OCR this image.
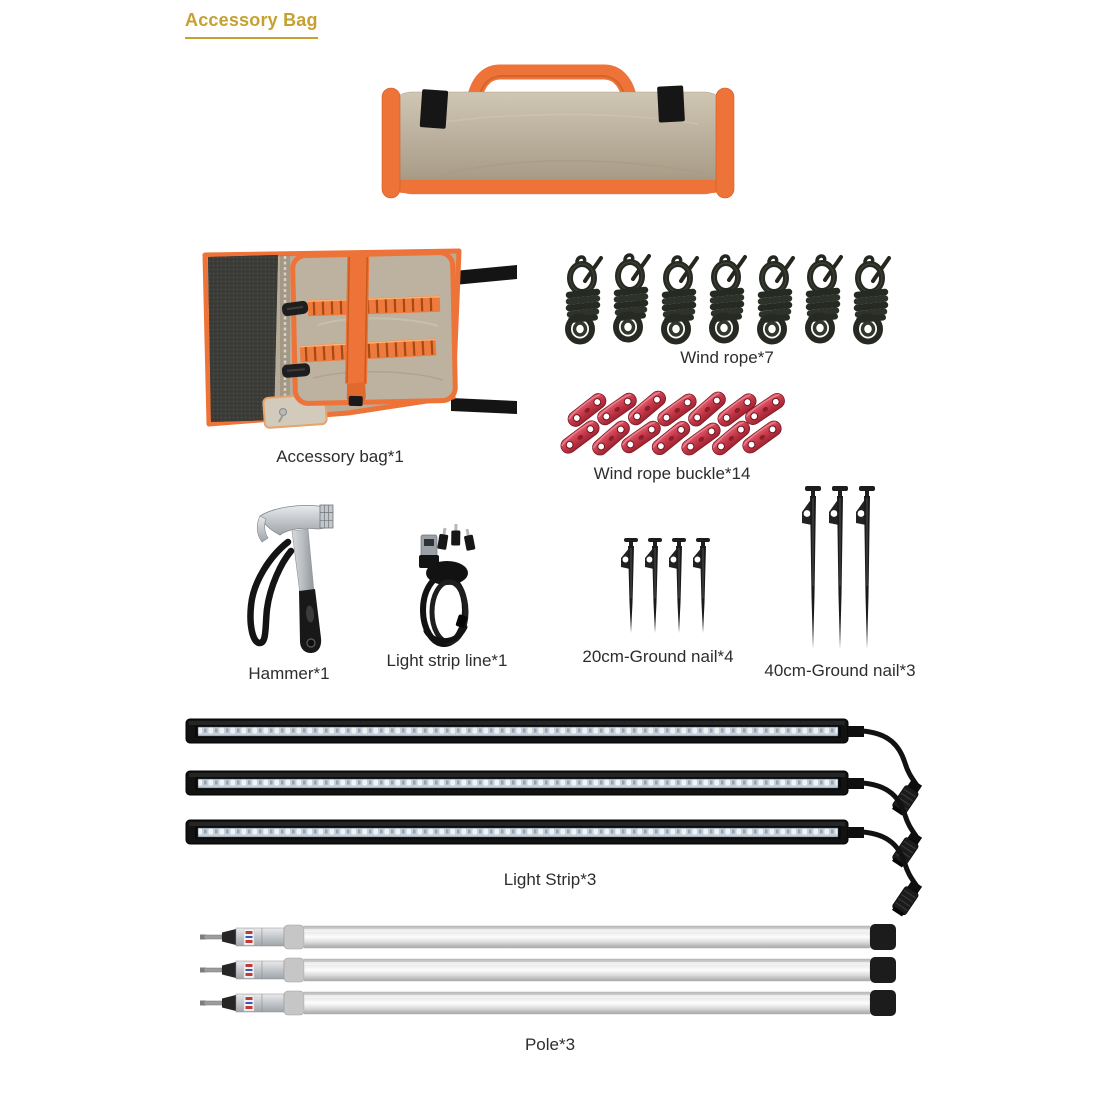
Accessory Bag
Accessory bag*1
Wind rope*7
Wind rope buckle*14
Hammer*1
Light strip line*1	20cm-Ground nail*4
40cm-Ground nail*3
Light Strip*3
Pole*3
